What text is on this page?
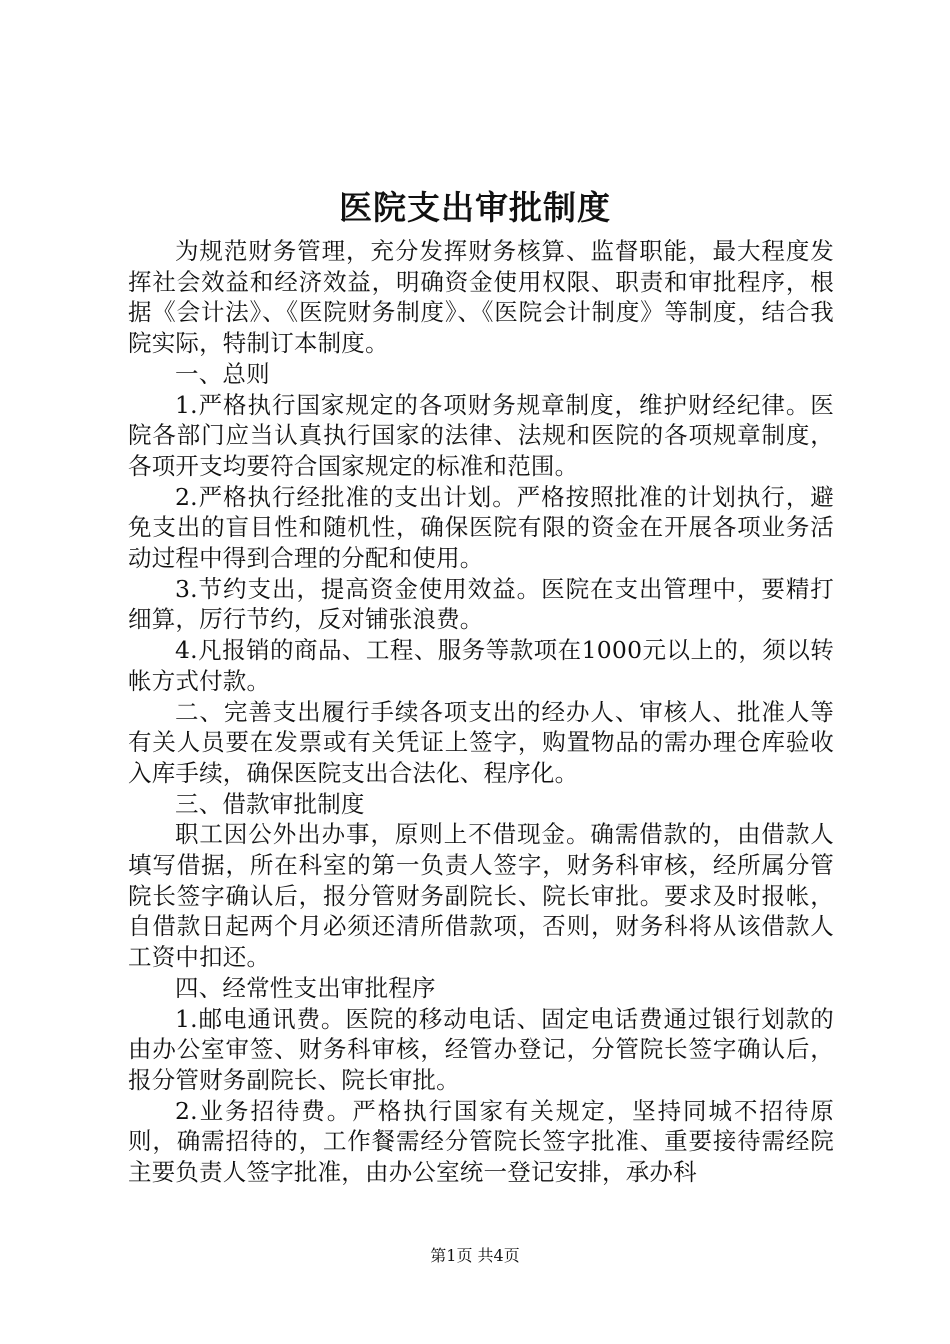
医院支出审批制度

为规范财务管理，充分发挥财务核算、监督职能，最大程度发挥社会效益和经济效益，明确资金使用权限、职责和审批程序，根据《会计法》、《医院财务制度》、《医院会计制度》等制度，结合我院实际，特制订本制度。

一、总则

1.严格执行国家规定的各项财务规章制度，维护财经纪律。医院各部门应当认真执行国家的法律、法规和医院的各项规章制度，各项开支均要符合国家规定的标准和范围。

2.严格执行经批准的支出计划。严格按照批准的计划执行，避免支出的盲目性和随机性，确保医院有限的资金在开展各项业务活动过程中得到合理的分配和使用。

3.节约支出，提高资金使用效益。医院在支出管理中，要精打细算，厉行节约，反对铺张浪费。

4.凡报销的商品、工程、服务等款项在1000元以上的，须以转帐方式付款。

二、完善支出履行手续各项支出的经办人、审核人、批准人等有关人员要在发票或有关凭证上签字，购置物品的需办理仓库验收入库手续，确保医院支出合法化、程序化。

三、借款审批制度

职工因公外出办事，原则上不借现金。确需借款的，由借款人填写借据，所在科室的第一负责人签字，财务科审核，经所属分管院长签字确认后，报分管财务副院长、院长审批。要求及时报帐，自借款日起两个月必须还清所借款项，否则，财务科将从该借款人工资中扣还。

四、经常性支出审批程序

1.邮电通讯费。医院的移动电话、固定电话费通过银行划款的由办公室审签、财务科审核，经管办登记，分管院长签字确认后，报分管财务副院长、院长审批。

2.业务招待费。严格执行国家有关规定，坚持同城不招待原则，确需招待的，工作餐需经分管院长签字批准、重要接待需经院主要负责人签字批准，由办公室统一登记安排，承办科

第1页 共4页
